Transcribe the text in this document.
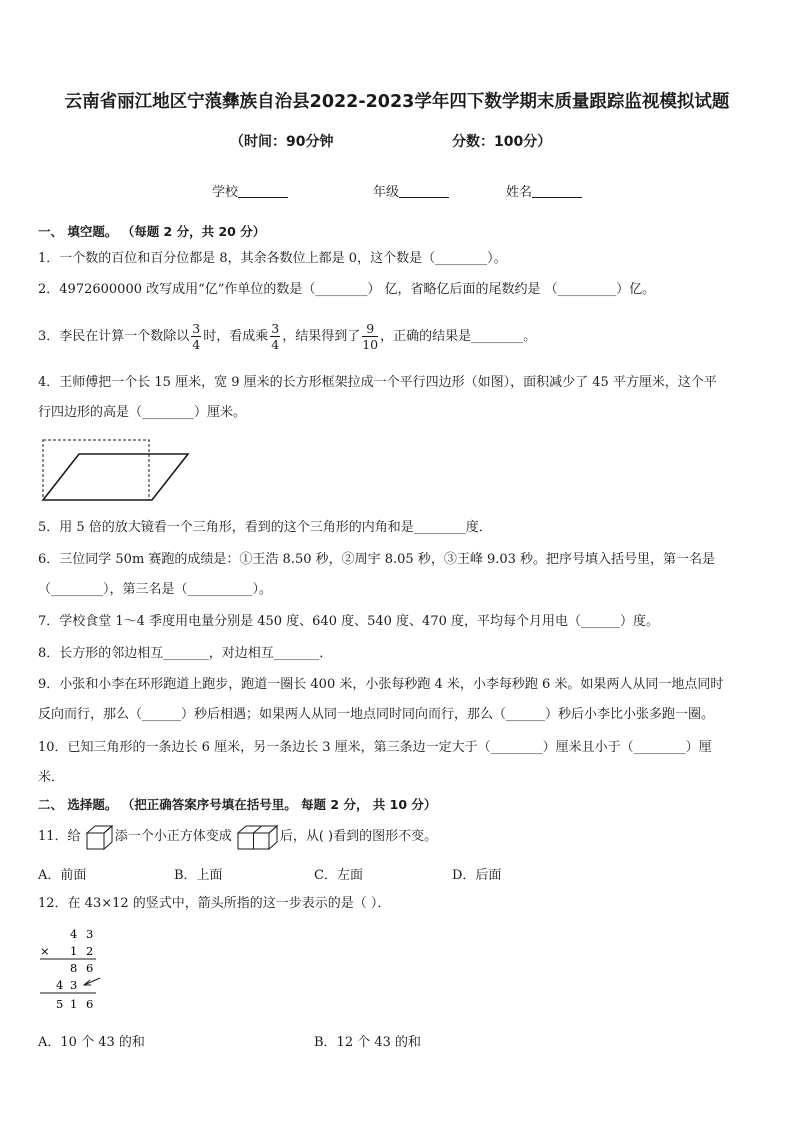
云南省丽江地区宁蒗彝族自治县2022-2023学年四下数学期末质量跟踪监视模拟试题
（时间：90分钟	分数：100分）
学校	年级	姓名
一、 填空题。 （每题 2 分，共 20 分）
1．一个数的百位和百分位都是 8，其余各数位上都是 0，这个数是（________）。
2．4972600000 改写成用“亿”作单位的数是（________） 亿，省略亿后面的尾数约是 （_________）亿。
3．李民在计算一个数除以 $\frac{3}{4}$ 时，看成乘 $\frac{3}{4}$ ，结果得到了 $\frac{9}{10}$ ，正确的结果是________。
4．王师傅把一个长 15 厘米，宽 9 厘米的长方形框架拉成一个平行四边形（如图），面积减少了 45 平方厘米，这个平
行四边形的高是（________）厘米。
5．用 5 倍的放大镜看一个三角形，看到的这个三角形的内角和是________度．
6．三位同学 50m 赛跑的成绩是：①王浩 8.50 秒，②周宇 8.05 秒，③王峰 9.03 秒。把序号填入括号里，第一名是
（________），第三名是（__________）。
7．学校食堂 1～4 季度用电量分别是 450 度、640 度、540 度、470 度，平均每个月用电（______）度。
8．长方形的邻边相互_______，对边相互_______．
9．小张和小李在环形跑道上跑步，跑道一圈长 400 米，小张每秒跑 4 米，小李每秒跑 6 米。如果两人从同一地点同时
反向而行，那么（______）秒后相遇；如果两人从同一地点同时同向而行，那么（______）秒后小李比小张多跑一圈。
10．已知三角形的一条边长 6 厘米，另一条边长 3 厘米，第三条边一定大于（________）厘米且小于（________）厘
米．
二、 选择题。 （把正确答案序号填在括号里。 每题 2 分， 共 10 分）
11．给	添一个小正方体变成	后，从( )看到的图形不变。
A．前面	B．上面	C．左面	D．后面
12．在 43×12 的竖式中，箭头所指的这一步表示的是（ ）．
4 3
× 1 2
8 6
4 3
5 1 6
A．10 个 43 的和	B．12 个 43 的和
